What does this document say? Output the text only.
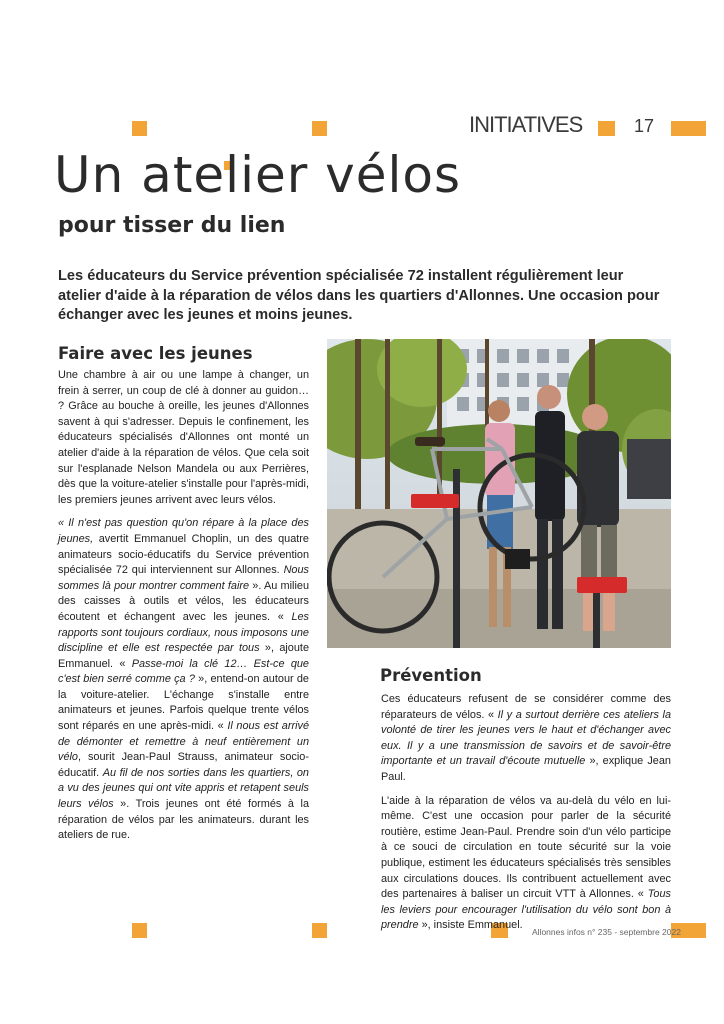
INITIATIVES	17
Un atelier vélos
pour tisser du lien

Les éducateurs du Service prévention spécialisée 72 installent régulièrement leur atelier d'aide à la réparation de vélos dans les quartiers d'Allonnes. Une occasion pour échanger avec les jeunes et moins jeunes.

Faire avec les jeunes

Une chambre à air ou une lampe à changer, un frein à serrer, un coup de clé à donner au guidon… ? Grâce au bouche à oreille, les jeunes d'Allonnes savent à qui s'adresser. Depuis le confinement, les éducateurs spécialisés d'Allonnes ont monté un atelier d'aide à la réparation de vélos. Que cela soit sur l'esplanade Nelson Mandela ou aux Perrières, dès que la voiture-atelier s'installe pour l'après-midi, les premiers jeunes arrivent avec leurs vélos.

« Il n'est pas question qu'on répare à la place des jeunes, avertit Emmanuel Choplin, un des quatre animateurs socio-éducatifs du Service prévention spécialisée 72 qui interviennent sur Allonnes. Nous sommes là pour montrer comment faire ». Au milieu des caisses à outils et vélos, les éducateurs écoutent et échangent avec les jeunes. « Les rapports sont toujours cordiaux, nous imposons une discipline et elle est respectée par tous », ajoute Emmanuel. « Passe-moi la clé 12… Est-ce que c'est bien serré comme ça ? », entend-on autour de la voiture-atelier. L'échange s'installe entre animateurs et jeunes. Parfois quelque trente vélos sont réparés en une après-midi. « Il nous est arrivé de démonter et remettre à neuf entièrement un vélo, sourit Jean-Paul Strauss, animateur socio-éducatif. Au fil de nos sorties dans les quartiers, on a vu des jeunes qui ont vite appris et retapent seuls leurs vélos ». Trois jeunes ont été formés à la réparation de vélos par les animateurs. durant les ateliers de rue.

Prévention

Ces éducateurs refusent de se considérer comme des réparateurs de vélos. « Il y a surtout derrière ces ateliers la volonté de tirer les jeunes vers le haut et d'échanger avec eux. Il y a une transmission de savoirs et de savoir-être importante et un travail d'écoute mutuelle », explique Jean Paul.

L'aide à la réparation de vélos va au-delà du vélo en lui-même. C'est une occasion pour parler de la sécurité routière, estime Jean-Paul. Prendre soin d'un vélo participe à ce souci de circulation en toute sécurité sur la voie publique, estiment les éducateurs spécialisés très sensibles aux circulations douces. Ils contribuent actuellement avec des partenaires à baliser un circuit VTT à Allonnes. « Tous les leviers pour encourager l'utilisation du vélo sont bon à prendre », insiste Emmanuel.

Allonnes infos n° 235 - septembre 2022
